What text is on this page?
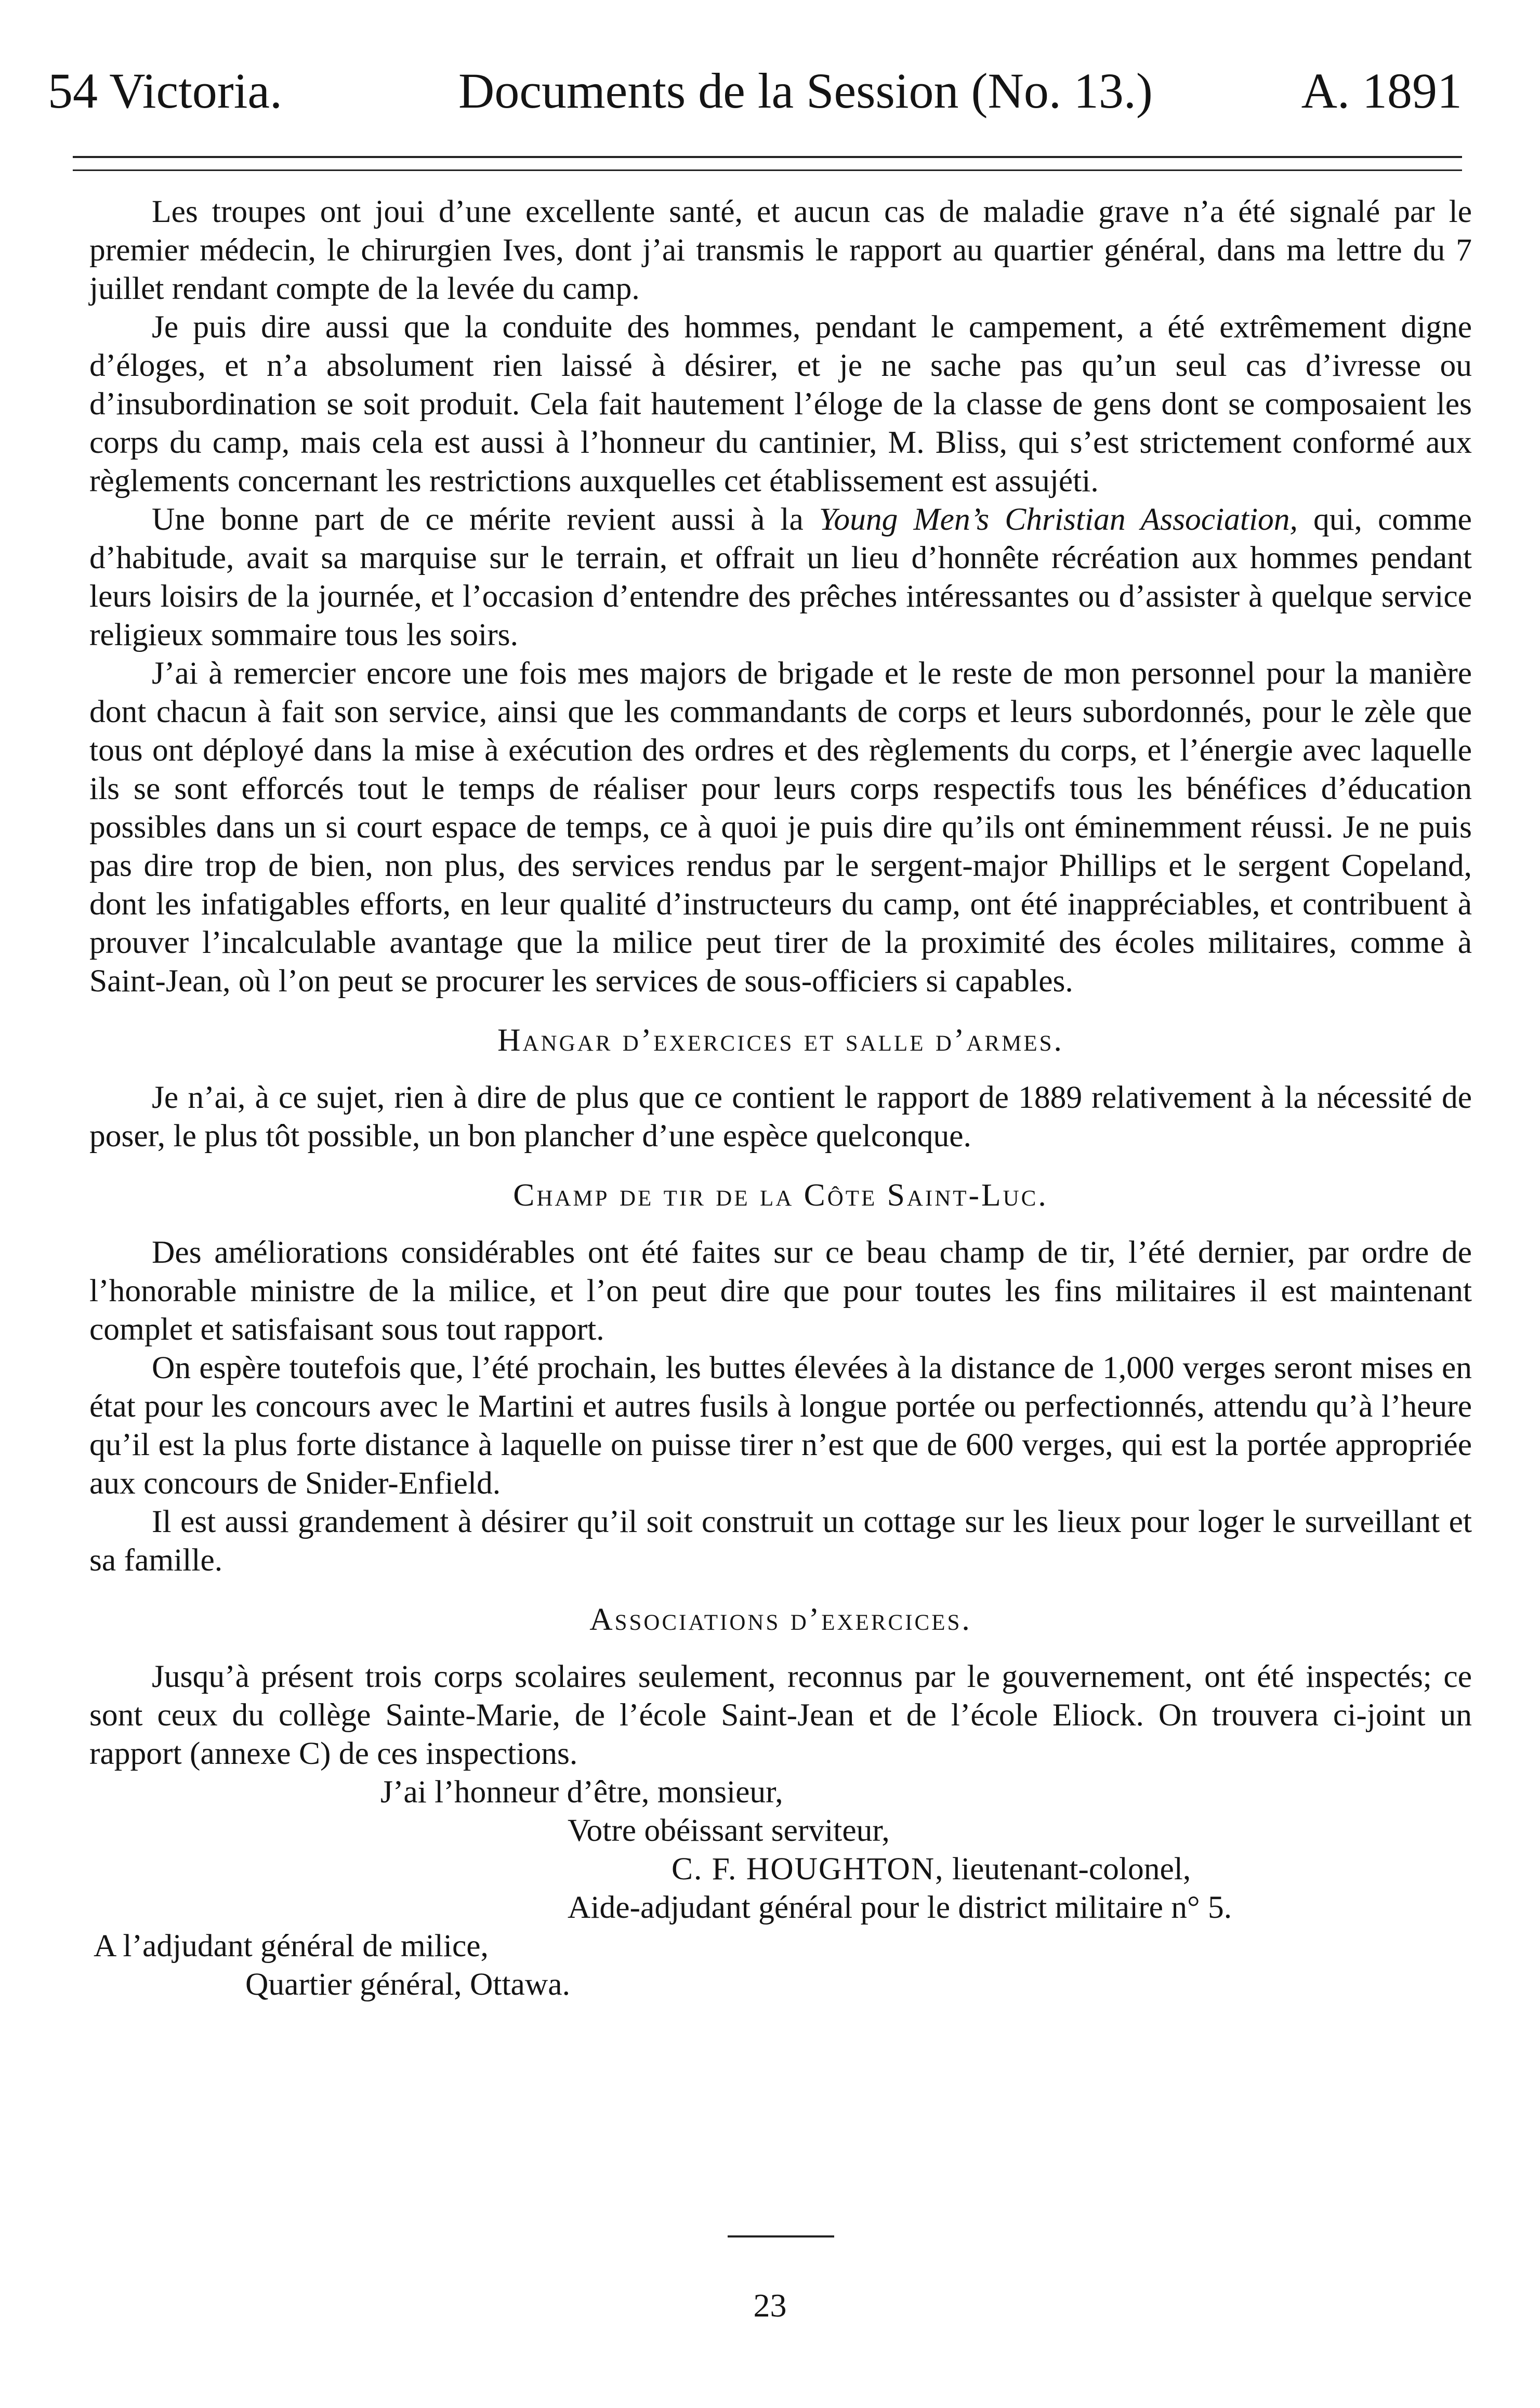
54 Victoria.	Documents de la Session (No. 13.)	A. 1891

Les troupes ont joui d’une excellente santé, et aucun cas de maladie grave n’a été signalé par le premier médecin, le chirurgien Ives, dont j’ai transmis le rapport au quartier général, dans ma lettre du 7 juillet rendant compte de la levée du camp.

Je puis dire aussi que la conduite des hommes, pendant le campement, a été extrêmement digne d’éloges, et n’a absolument rien laissé à désirer, et je ne sache pas qu’un seul cas d’ivresse ou d’insubordination se soit produit. Cela fait hautement l’éloge de la classe de gens dont se composaient les corps du camp, mais cela est aussi à l’honneur du cantinier, M. Bliss, qui s’est strictement conformé aux règlements concernant les restrictions auxquelles cet établissement est assujéti.

Une bonne part de ce mérite revient aussi à la Young Men’s Christian Association, qui, comme d’habitude, avait sa marquise sur le terrain, et offrait un lieu d’honnête récréation aux hommes pendant leurs loisirs de la journée, et l’occasion d’entendre des prêches intéressantes ou d’assister à quelque service religieux sommaire tous les soirs.

J’ai à remercier encore une fois mes majors de brigade et le reste de mon personnel pour la manière dont chacun à fait son service, ainsi que les commandants de corps et leurs subordonnés, pour le zèle que tous ont déployé dans la mise à exécution des ordres et des règlements du corps, et l’énergie avec laquelle ils se sont efforcés tout le temps de réaliser pour leurs corps respectifs tous les bénéfices d’éducation possibles dans un si court espace de temps, ce à quoi je puis dire qu’ils ont éminemment réussi. Je ne puis pas dire trop de bien, non plus, des services rendus par le sergent-major Phillips et le sergent Copeland, dont les infatigables efforts, en leur qualité d’instructeurs du camp, ont été inappréciables, et contribuent à prouver l’incalculable avantage que la milice peut tirer de la proximité des écoles militaires, comme à Saint-Jean, où l’on peut se procurer les services de sous-officiers si capables.

Hangar d’exercices et salle d’armes.

Je n’ai, à ce sujet, rien à dire de plus que ce contient le rapport de 1889 relativement à la nécessité de poser, le plus tôt possible, un bon plancher d’une espèce quelconque.

Champ de tir de la Côte Saint-Luc.

Des améliorations considérables ont été faites sur ce beau champ de tir, l’été dernier, par ordre de l’honorable ministre de la milice, et l’on peut dire que pour toutes les fins militaires il est maintenant complet et satisfaisant sous tout rapport.

On espère toutefois que, l’été prochain, les buttes élevées à la distance de 1,000 verges seront mises en état pour les concours avec le Martini et autres fusils à longue portée ou perfectionnés, attendu qu’à l’heure qu’il est la plus forte distance à laquelle on puisse tirer n’est que de 600 verges, qui est la portée appropriée aux concours de Snider-Enfield.

Il est aussi grandement à désirer qu’il soit construit un cottage sur les lieux pour loger le surveillant et sa famille.

Associations d’exercices.

Jusqu’à présent trois corps scolaires seulement, reconnus par le gouvernement, ont été inspectés; ce sont ceux du collège Sainte-Marie, de l’école Saint-Jean et de l’école Eliock. On trouvera ci-joint un rapport (annexe C) de ces inspections.

J’ai l’honneur d’être, monsieur,

Votre obéissant serviteur,

C. F. HOUGHTON, lieutenant-colonel,

Aide-adjudant général pour le district militaire n° 5.

A l’adjudant général de milice,

Quartier général, Ottawa.

23
